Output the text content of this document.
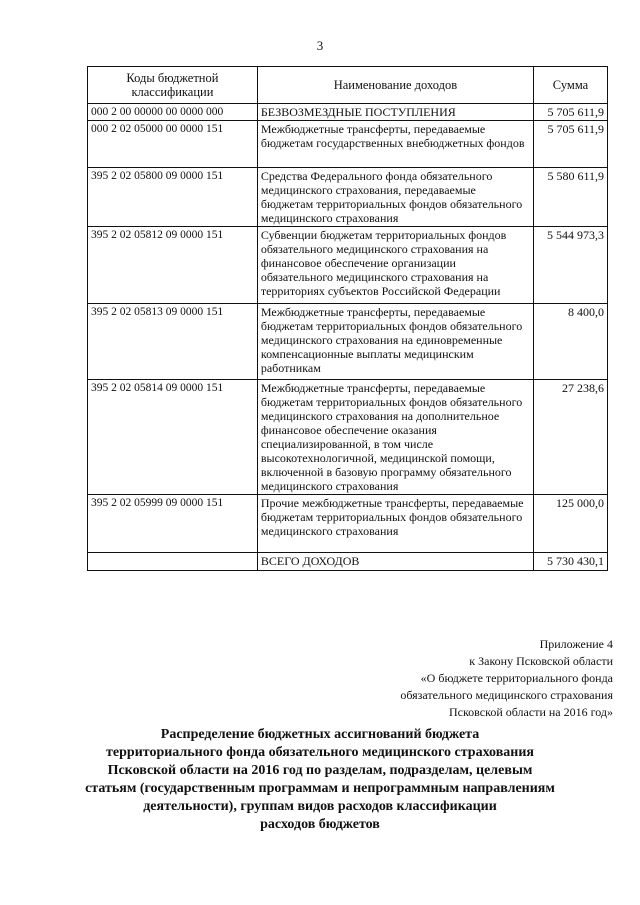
3
Коды бюджетной классификации	Наименование доходов	Сумма
000 2 00 00000 00 0000 000	БЕЗВОЗМЕЗДНЫЕ ПОСТУПЛЕНИЯ	5 705 611,9
000 2 02 05000 00 0000 151	Межбюджетные трансферты, передаваемые бюджетам государственных внебюджетных фондов	5 705 611,9
395 2 02 05800 09 0000 151	Средства Федерального фонда обязательного медицинского страхования, передаваемые бюджетам территориальных фондов обязательного медицинского страхования	5 580 611,9
395 2 02 05812 09 0000 151	Субвенции бюджетам территориальных фондов обязательного медицинского страхования на финансовое обеспечение организации обязательного медицинского страхования на территориях субъектов Российской Федерации	5 544 973,3
395 2 02 05813 09 0000 151	Межбюджетные трансферты, передаваемые бюджетам территориальных фондов обязательного медицинского страхования на единовременные компенсационные выплаты медицинским работникам	8 400,0
395 2 02 05814 09 0000 151	Межбюджетные трансферты, передаваемые бюджетам территориальных фондов обязательного медицинского страхования на дополнительное финансовое обеспечение оказания специализированной, в том числе высокотехнологичной, медицинской помощи, включенной в базовую программу обязательного медицинского страхования	27 238,6
395 2 02 05999 09 0000 151	Прочие межбюджетные трансферты, передаваемые бюджетам территориальных фондов обязательного медицинского страхования	125 000,0
	ВСЕГО ДОХОДОВ	5 730 430,1
Приложение 4
к Закону Псковской области
«О бюджете территориального фонда
обязательного медицинского страхования
Псковской области на 2016 год»
Распределение бюджетных ассигнований бюджета
территориального фонда обязательного медицинского страхования
Псковской области на 2016 год по разделам, подразделам, целевым
статьям (государственным программам и непрограммным направлениям
деятельности), группам видов расходов классификации
расходов бюджетов
